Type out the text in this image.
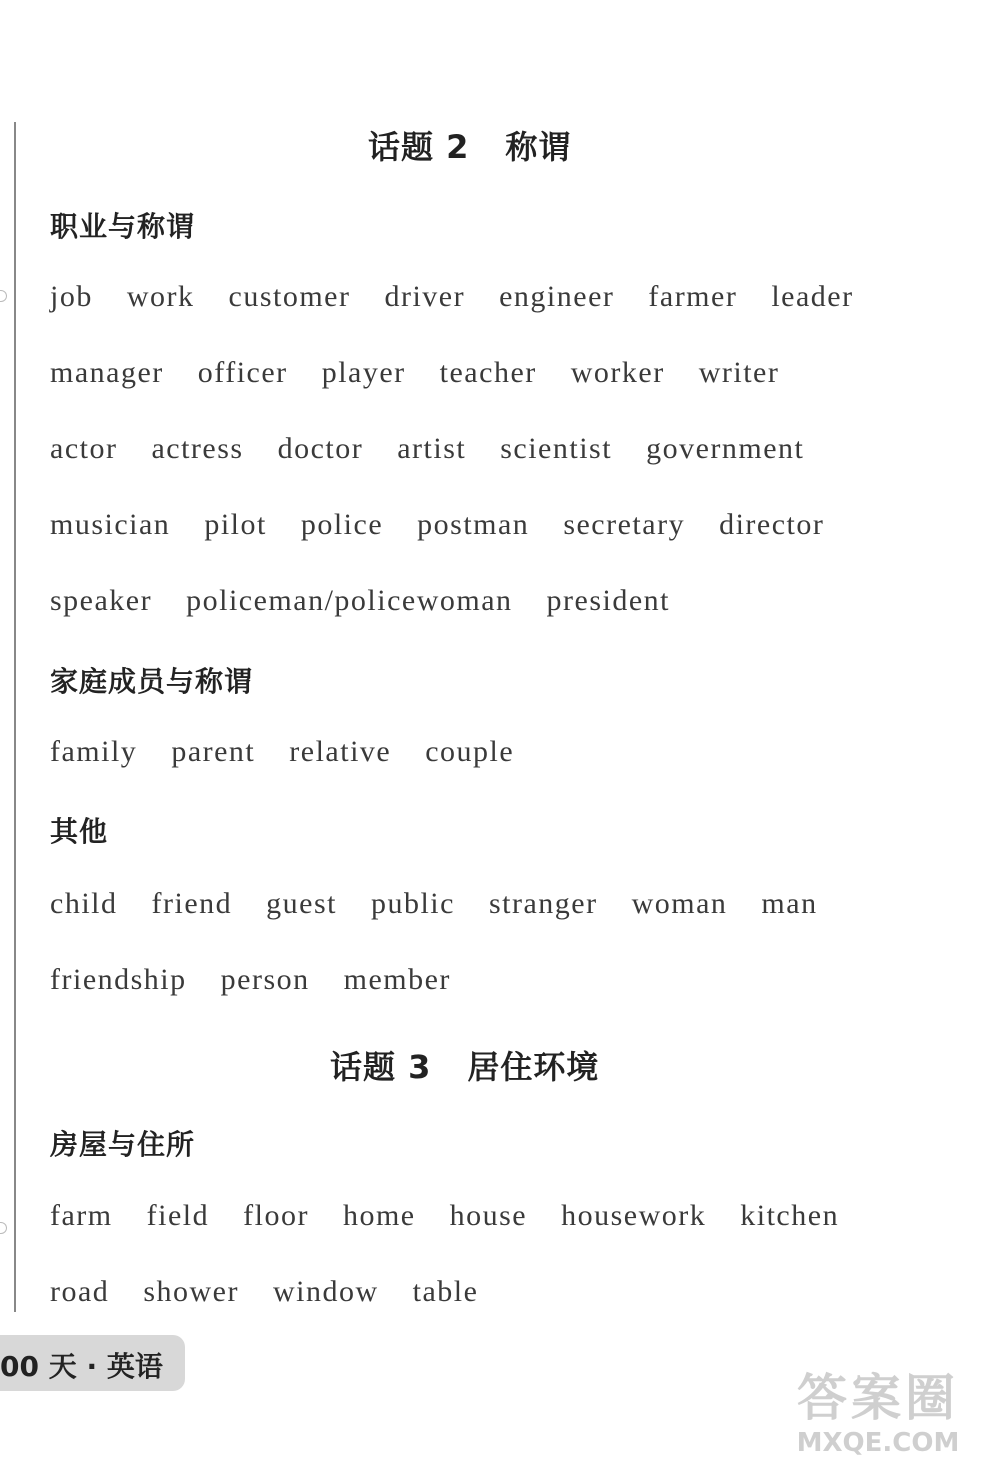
话题 2 称谓
职业与称谓
job work customer driver engineer farmer leader
manager officer player teacher worker writer
actor actress doctor artist scientist government
musician pilot police postman secretary director
speaker policeman/policewoman president
家庭成员与称谓
family parent relative couple
其他
child friend guest public stranger woman man
friendship person member
话题 3 居住环境
房屋与住所
farm field floor home house housework kitchen
road shower window table
00 天 · 英语
答案圈
MXQE.COM
